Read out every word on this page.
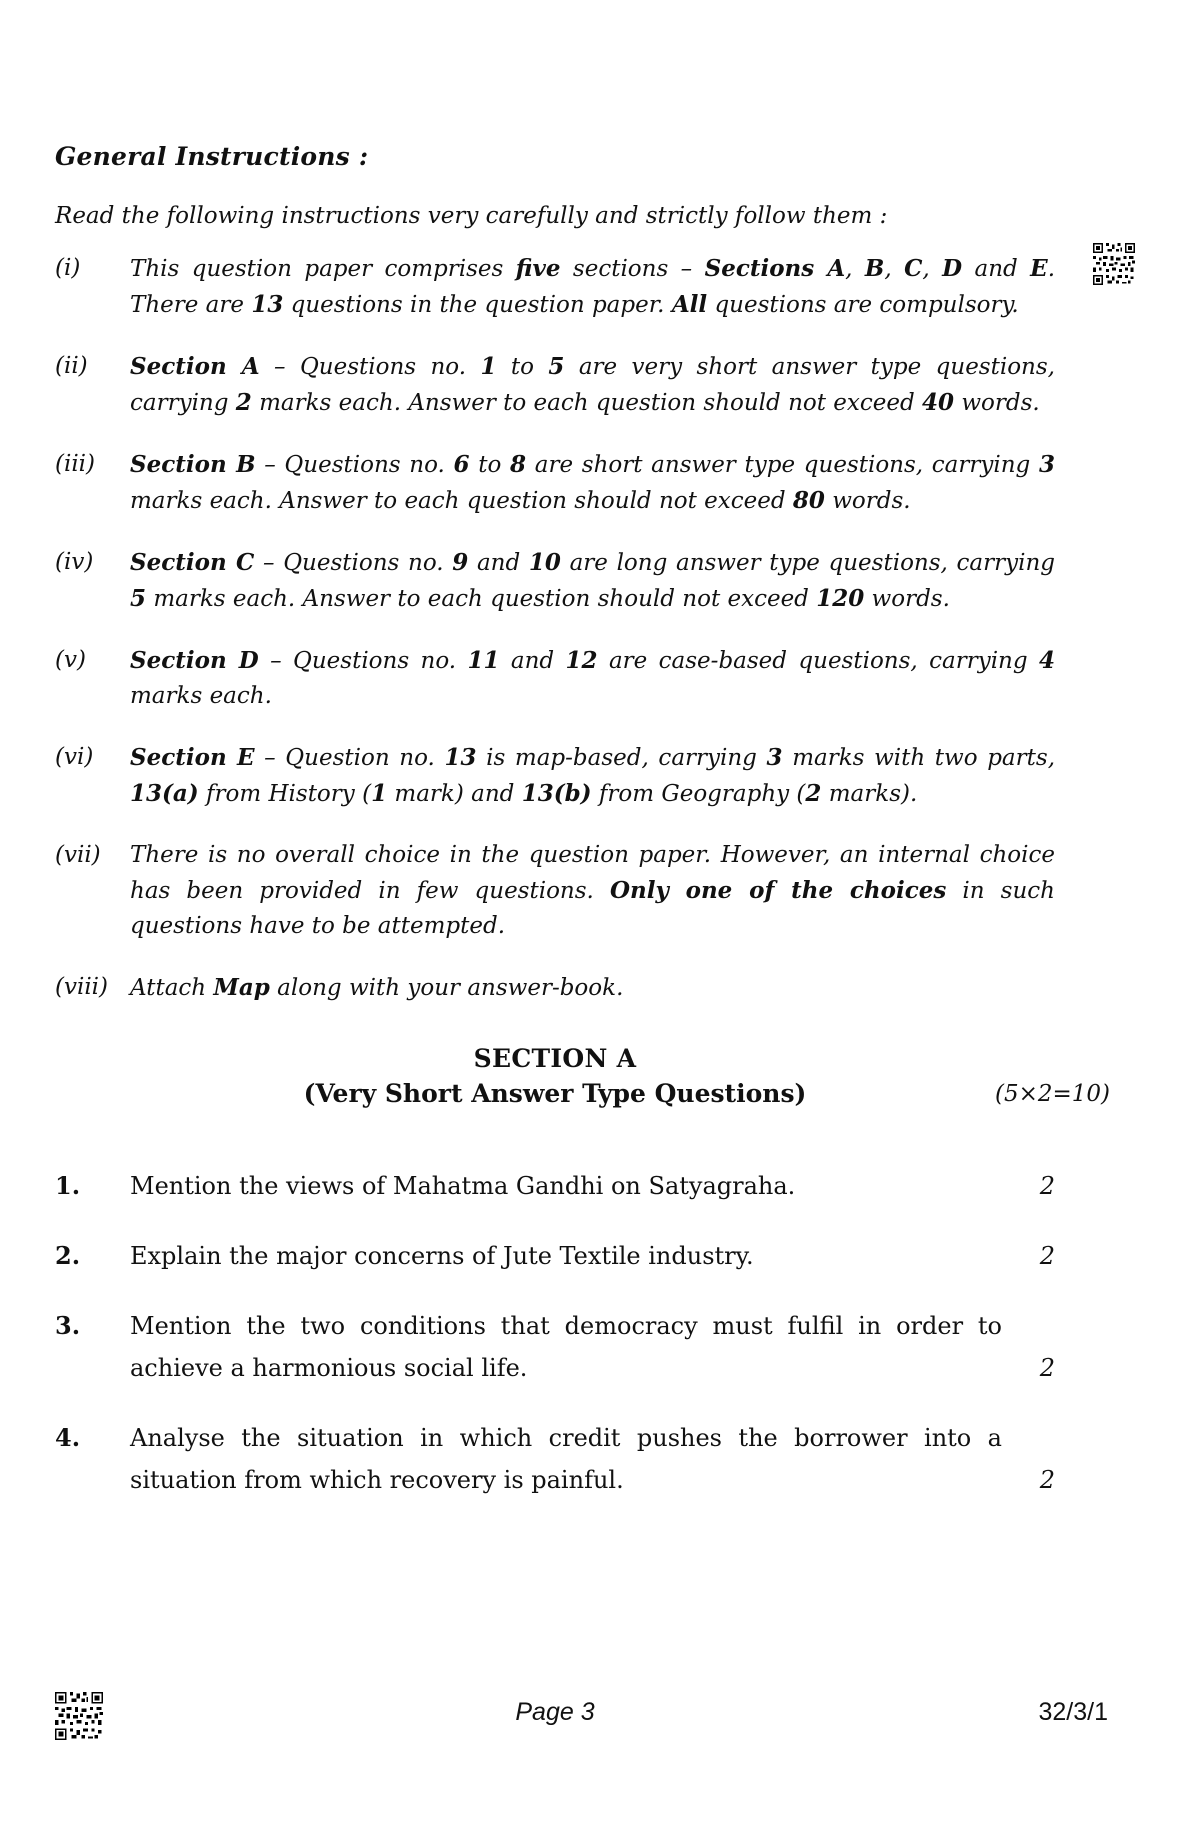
General Instructions :
Read the following instructions very carefully and strictly follow them :
(i)	This question paper comprises five sections – Sections A, B, C, D and E. There are 13 questions in the question paper. All questions are compulsory.
(ii)	Section A – Questions no. 1 to 5 are very short answer type questions, carrying 2 marks each. Answer to each question should not exceed 40 words.
(iii)	Section B – Questions no. 6 to 8 are short answer type questions, carrying 3 marks each. Answer to each question should not exceed 80 words.
(iv)	Section C – Questions no. 9 and 10 are long answer type questions, carrying 5 marks each. Answer to each question should not exceed 120 words.
(v)	Section D – Questions no. 11 and 12 are case-based questions, carrying 4 marks each.
(vi)	Section E – Question no. 13 is map-based, carrying 3 marks with two parts, 13(a) from History (1 mark) and 13(b) from Geography (2 marks).
(vii)	There is no overall choice in the question paper. However, an internal choice has been provided in few questions. Only one of the choices in such questions have to be attempted.
(viii) Attach Map along with your answer-book.
SECTION A
(Very Short Answer Type Questions)	(5×2=10)
1.	Mention the views of Mahatma Gandhi on Satyagraha.	2
2.	Explain the major concerns of Jute Textile industry.	2
3.	Mention the two conditions that democracy must fulfil in order to achieve a harmonious social life.	2
4.	Analyse the situation in which credit pushes the borrower into a situation from which recovery is painful.	2
Page 3	32/3/1
